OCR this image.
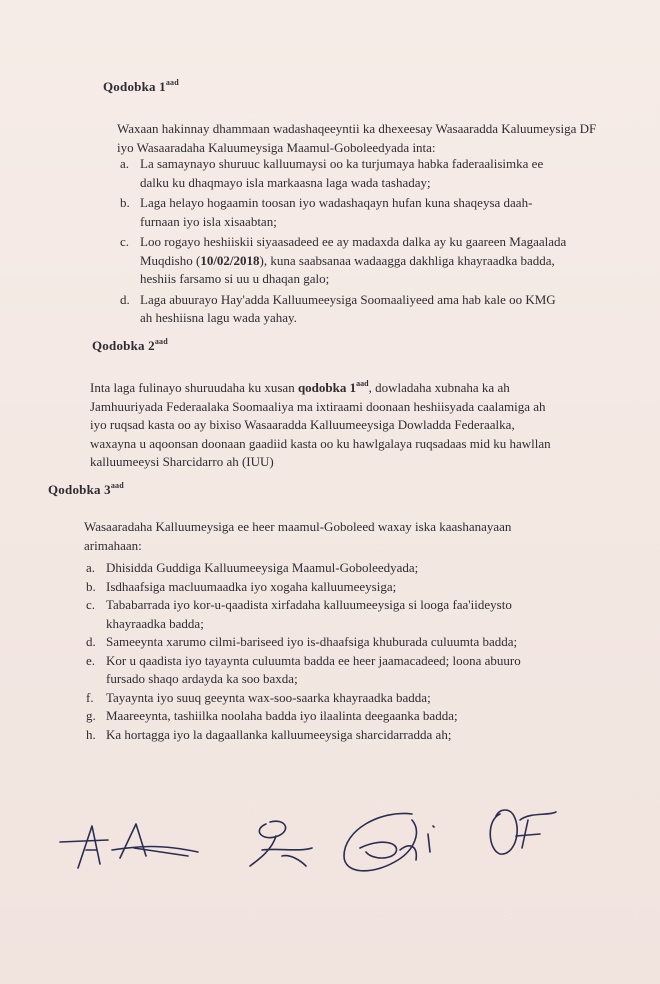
Qodobka $1^{aad}$
Waxaan hakinnay dhammaan wadashaqeeyntii ka dhexeesay Wasaaradda Kaluumeysiga DF iyo Wasaaradaha Kaluumeysiga Maamul-Goboleedyada inta:
a. La samaynayo shuruuc kalluumaysi oo ka turjumaya habka faderaalisimka ee
dalku ku dhaqmayo isla markaasna laga wada tashaday;
b. Laga helayo hogaamin toosan iyo wadashaqayn hufan kuna shaqeysa daah-
furnaan iyo isla xisaabtan;
c. Loo rogayo heshiiskii siyaasadeed ee ay madaxda dalka ay ku gaareen Magaalada
Muqdisho (10/02/2018), kuna saabsanaa wadaagga dakhliga khayraadka badda,
heshiis farsamo si uu u dhaqan galo;
d. Laga abuurayo Hay'adda Kalluumeeysiga Soomaaliyeed ama hab kale oo KMG
ah heshiisna lagu wada yahay.
Qodobka $2^{aad}$
Inta laga fulinayo shuruudaha ku xusan qodobka $1^{aad}$, dowladaha xubnaha ka ah
Jamhuuriyada Federaalaka Soomaaliya ma ixtiraami doonaan heshiisyada caalamiga ah
iyo ruqsad kasta oo ay bixiso Wasaaradda Kalluumeeysiga Dowladda Federaalka,
waxayna u aqoonsan doonaan gaadiid kasta oo ku hawlgalaya ruqsadaas mid ku hawllan
kalluumeeysi Sharcidarro ah (IUU)
Qodobka $3^{aad}$
Wasaaradaha Kalluumeysiga ee heer maamul-Goboleed waxay iska kaashanayaan
arimahaan:
a. Dhisidda Guddiga Kalluumeeysiga Maamul-Goboleedyada;
b. Isdhaafsiga macluumaadka iyo xogaha kalluumeeysiga;
c. Tababarrada iyo kor-u-qaadista xirfadaha kalluumeeysiga si looga faa'iideysto
khayraadka badda;
d. Sameeynta xarumo cilmi-bariseed iyo is-dhaafsiga khuburada culuumta badda;
e. Kor u qaadista iyo tayaynta culuumta badda ee heer jaamacadeed; loona abuuro
fursado shaqo ardayda ka soo baxda;
f. Tayaynta iyo suuq geeynta wax-soo-saarka khayraadka badda;
g. Maareeynta, tashiilka noolaha badda iyo ilaalinta deegaanka badda;
h. Ka hortagga iyo la dagaallanka kalluumeeysiga sharcidarradda ah;
